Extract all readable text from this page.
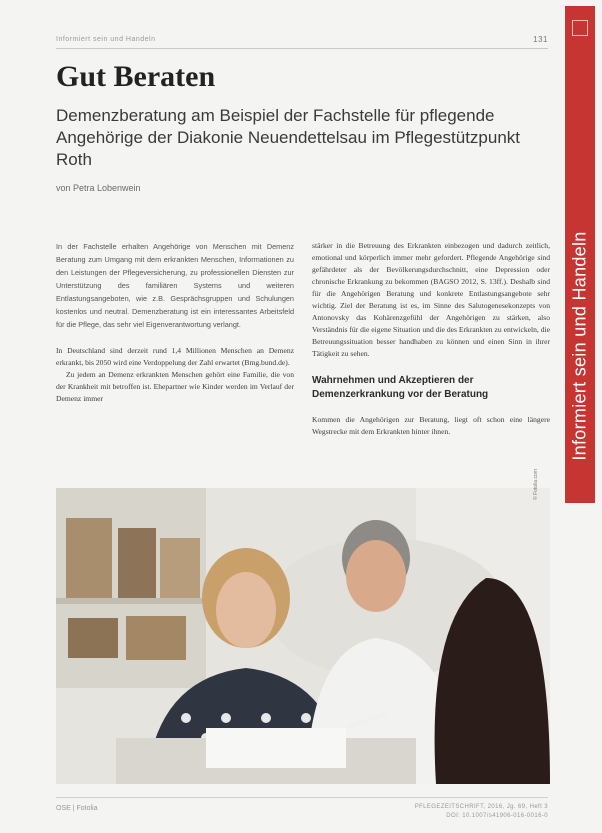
Informiert sein und Handeln	131
Informiert sein und Handeln
Gut Beraten
Demenzberatung am Beispiel der Fachstelle für pflegende Angehörige der Diakonie Neuendettelsau im Pflegestützpunkt Roth
von Petra Lobenwein

In der Fachstelle erhalten Angehörige von Menschen mit Demenz Beratung zum Umgang mit dem erkrankten Menschen, Informationen zu den Leistungen der Pflegeversicherung, zu professionellen Diensten zur Unterstützung des familiären Systems und weiteren Entlastungsangeboten, wie z.B. Gesprächsgruppen und Schulungen kostenlos und neutral. Demenzberatung ist ein interessantes Arbeitsfeld für die Pflege, das sehr viel Eigenverantwortung verlangt.

In Deutschland sind derzeit rund 1,4 Millionen Menschen an Demenz erkrankt, bis 2050 wird eine Verdoppelung der Zahl erwartet (Bmg.bund.de).

Zu jedem an Demenz erkrankten Menschen gehört eine Familie, die von der Krankheit mit betroffen ist. Ehepartner wie Kinder werden im Verlauf der Demenz immer

stärker in die Betreuung des Erkrankten einbezogen und dadurch zeitlich, emotional und körperlich immer mehr gefordert. Pflegende Angehörige sind gefährdeter als der Bevölkerungsdurchschnitt, eine Depression oder chronische Erkrankung zu bekommen (BAGSO 2012, S. 13ff.). Deshalb sind für die Angehörigen Beratung und konkrete Entlastungsangebote sehr wichtig. Ziel der Beratung ist es, im Sinne des Salutogenesekonzepts von Antonovsky das Kohärenzgefühl der Angehörigen zu stärken, also Verständnis für die eigene Situation und die des Erkrankten zu entwickeln, die Betreuungssituation besser handhaben zu können und einen Sinn in ihrer Tätigkeit zu sehen.

Wahrnehmen und Akzeptieren der Demenzerkrankung vor der Beratung

Kommen die Angehörigen zur Beratung, liegt oft schon eine längere Wegstrecke mit dem Erkrankten hinter ihnen.

© Fotolia.com
OSE | Fotolia	PFLEGEZEITSCHRIFT, 2016, Jg. 69, Heft 3
DOI: 10.1007/s41906-016-0016-0
